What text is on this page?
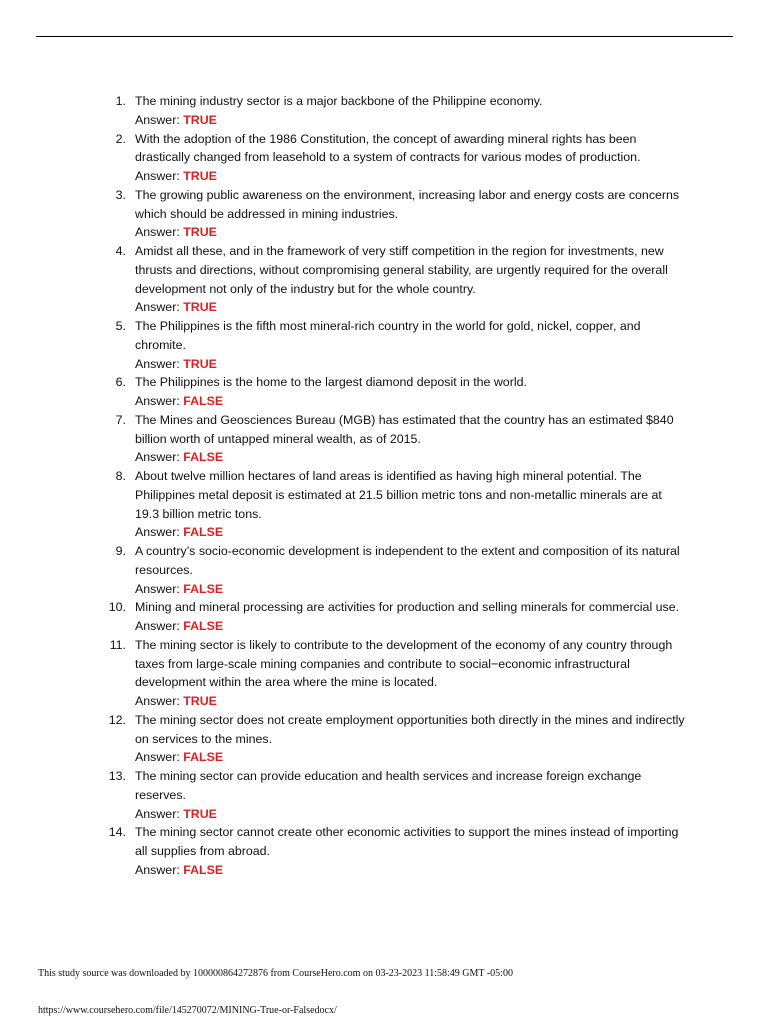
1. The mining industry sector is a major backbone of the Philippine economy.
Answer: TRUE
2. With the adoption of the 1986 Constitution, the concept of awarding mineral rights has been drastically changed from leasehold to a system of contracts for various modes of production.
Answer: TRUE
3. The growing public awareness on the environment, increasing labor and energy costs are concerns which should be addressed in mining industries.
Answer: TRUE
4. Amidst all these, and in the framework of very stiff competition in the region for investments, new thrusts and directions, without compromising general stability, are urgently required for the overall development not only of the industry but for the whole country.
Answer: TRUE
5. The Philippines is the fifth most mineral-rich country in the world for gold, nickel, copper, and chromite.
Answer: TRUE
6. The Philippines is the home to the largest diamond deposit in the world.
Answer: FALSE
7. The Mines and Geosciences Bureau (MGB) has estimated that the country has an estimated $840 billion worth of untapped mineral wealth, as of 2015.
Answer: FALSE
8. About twelve million hectares of land areas is identified as having high mineral potential. The Philippines metal deposit is estimated at 21.5 billion metric tons and non-metallic minerals are at 19.3 billion metric tons.
Answer: FALSE
9. A country’s socio-economic development is independent to the extent and composition of its natural resources.
Answer: FALSE
10. Mining and mineral processing are activities for production and selling minerals for commercial use.
Answer: FALSE
11. The mining sector is likely to contribute to the development of the economy of any country through taxes from large-scale mining companies and contribute to social−economic infrastructural development within the area where the mine is located.
Answer: TRUE
12. The mining sector does not create employment opportunities both directly in the mines and indirectly on services to the mines.
Answer: FALSE
13. The mining sector can provide education and health services and increase foreign exchange reserves.
Answer: TRUE
14. The mining sector cannot create other economic activities to support the mines instead of importing all supplies from abroad.
Answer: FALSE
This study source was downloaded by 100000864272876 from CourseHero.com on 03-23-2023 11:58:49 GMT -05:00
https://www.coursehero.com/file/145270072/MINING-True-or-Falsedocx/
